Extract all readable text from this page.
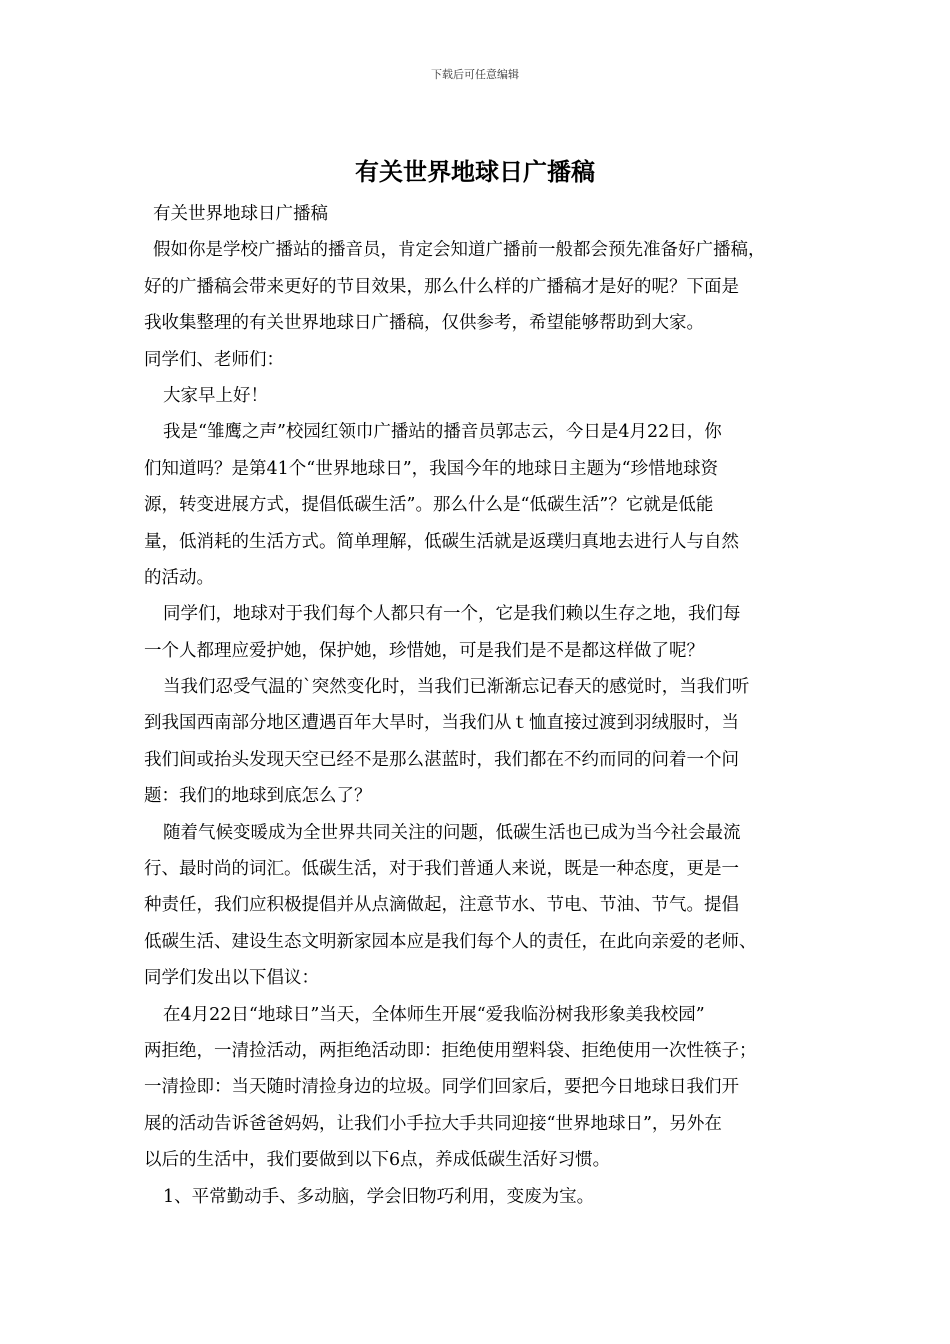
下载后可任意编辑
有关世界地球日广播稿
有关世界地球日广播稿
假如你是学校广播站的播音员，肯定会知道广播前一般都会预先准备好广播稿，
好的广播稿会带来更好的节目效果，那么什么样的广播稿才是好的呢？下面是
我收集整理的有关世界地球日广播稿，仅供参考，希望能够帮助到大家。
同学们、老师们：
大家早上好！
我是“雏鹰之声”校园红领巾广播站的播音员郭志云，今日是4月22日，你
们知道吗？是第41个“世界地球日”，我国今年的地球日主题为“珍惜地球资
源，转变进展方式，提倡低碳生活”。那么什么是“低碳生活”？它就是低能
量，低消耗的生活方式。简单理解，低碳生活就是返璞归真地去进行人与自然
的活动。
同学们，地球对于我们每个人都只有一个，它是我们赖以生存之地，我们每
一个人都理应爱护她，保护她，珍惜她，可是我们是不是都这样做了呢？
当我们忍受气温的`突然变化时，当我们已渐渐忘记春天的感觉时，当我们听
到我国西南部分地区遭遇百年大旱时，当我们从ｔ恤直接过渡到羽绒服时，当
我们间或抬头发现天空已经不是那么湛蓝时，我们都在不约而同的问着一个问
题：我们的地球到底怎么了？
随着气候变暖成为全世界共同关注的问题，低碳生活也已成为当今社会最流
行、最时尚的词汇。低碳生活，对于我们普通人来说，既是一种态度，更是一
种责任，我们应积极提倡并从点滴做起，注意节水、节电、节油、节气。提倡
低碳生活、建设生态文明新家园本应是我们每个人的责任，在此向亲爱的老师、
同学们发出以下倡议：
在4月22日“地球日”当天，全体师生开展“爱我临汾树我形象美我校园”
两拒绝，一清捡活动，两拒绝活动即：拒绝使用塑料袋、拒绝使用一次性筷子；
一清捡即：当天随时清捡身边的垃圾。同学们回家后，要把今日地球日我们开
展的活动告诉爸爸妈妈，让我们小手拉大手共同迎接“世界地球日”，另外在
以后的生活中，我们要做到以下6点，养成低碳生活好习惯。
1、平常勤动手、多动脑，学会旧物巧利用，变废为宝。
